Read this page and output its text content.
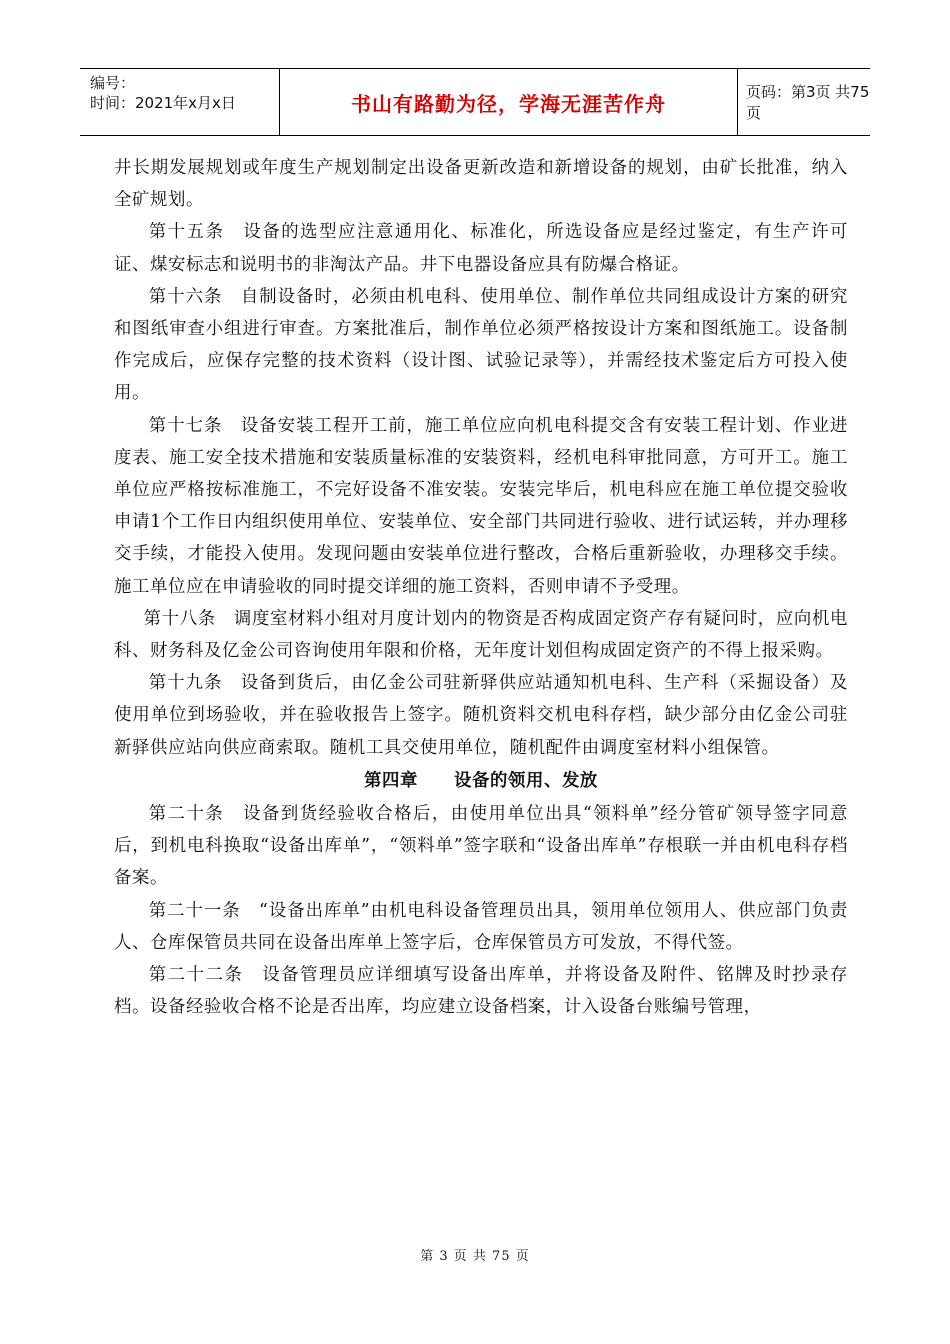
编号：
时间：2021年x月x日	书山有路勤为径，学海无涯苦作舟	页码：第3页 共75页

井长期发展规划或年度生产规划制定出设备更新改造和新增设备的规划，由矿长批准，纳入全矿规划。

第十五条　设备的选型应注意通用化、标准化，所选设备应是经过鉴定，有生产许可证、煤安标志和说明书的非淘汰产品。井下电器设备应具有防爆合格证。

第十六条　自制设备时，必须由机电科、使用单位、制作单位共同组成设计方案的研究和图纸审查小组进行审查。方案批准后，制作单位必须严格按设计方案和图纸施工。设备制作完成后，应保存完整的技术资料（设计图、试验记录等），并需经技术鉴定后方可投入使用。

第十七条　设备安装工程开工前，施工单位应向机电科提交含有安装工程计划、作业进度表、施工安全技术措施和安装质量标准的安装资料，经机电科审批同意，方可开工。施工单位应严格按标准施工，不完好设备不准安装。安装完毕后，机电科应在施工单位提交验收申请1个工作日内组织使用单位、安装单位、安全部门共同进行验收、进行试运转，并办理移交手续，才能投入使用。发现问题由安装单位进行整改，合格后重新验收，办理移交手续。施工单位应在申请验收的同时提交详细的施工资料，否则申请不予受理。

第十八条　调度室材料小组对月度计划内的物资是否构成固定资产存有疑问时，应向机电科、财务科及亿金公司咨询使用年限和价格，无年度计划但构成固定资产的不得上报采购。

第十九条　设备到货后，由亿金公司驻新驿供应站通知机电科、生产科（采掘设备）及使用单位到场验收，并在验收报告上签字。随机资料交机电科存档，缺少部分由亿金公司驻新驿供应站向供应商索取。随机工具交使用单位，随机配件由调度室材料小组保管。

第四章　　设备的领用、发放

第二十条　设备到货经验收合格后，由使用单位出具“领料单”经分管矿领导签字同意后，到机电科换取“设备出库单”，“领料单”签字联和“设备出库单”存根联一并由机电科存档备案。

第二十一条　“设备出库单”由机电科设备管理员出具，领用单位领用人、供应部门负责人、仓库保管员共同在设备出库单上签字后，仓库保管员方可发放，不得代签。

第二十二条　设备管理员应详细填写设备出库单，并将设备及附件、铭牌及时抄录存档。设备经验收合格不论是否出库，均应建立设备档案，计入设备台账编号管理，

第 3 页 共 75 页
